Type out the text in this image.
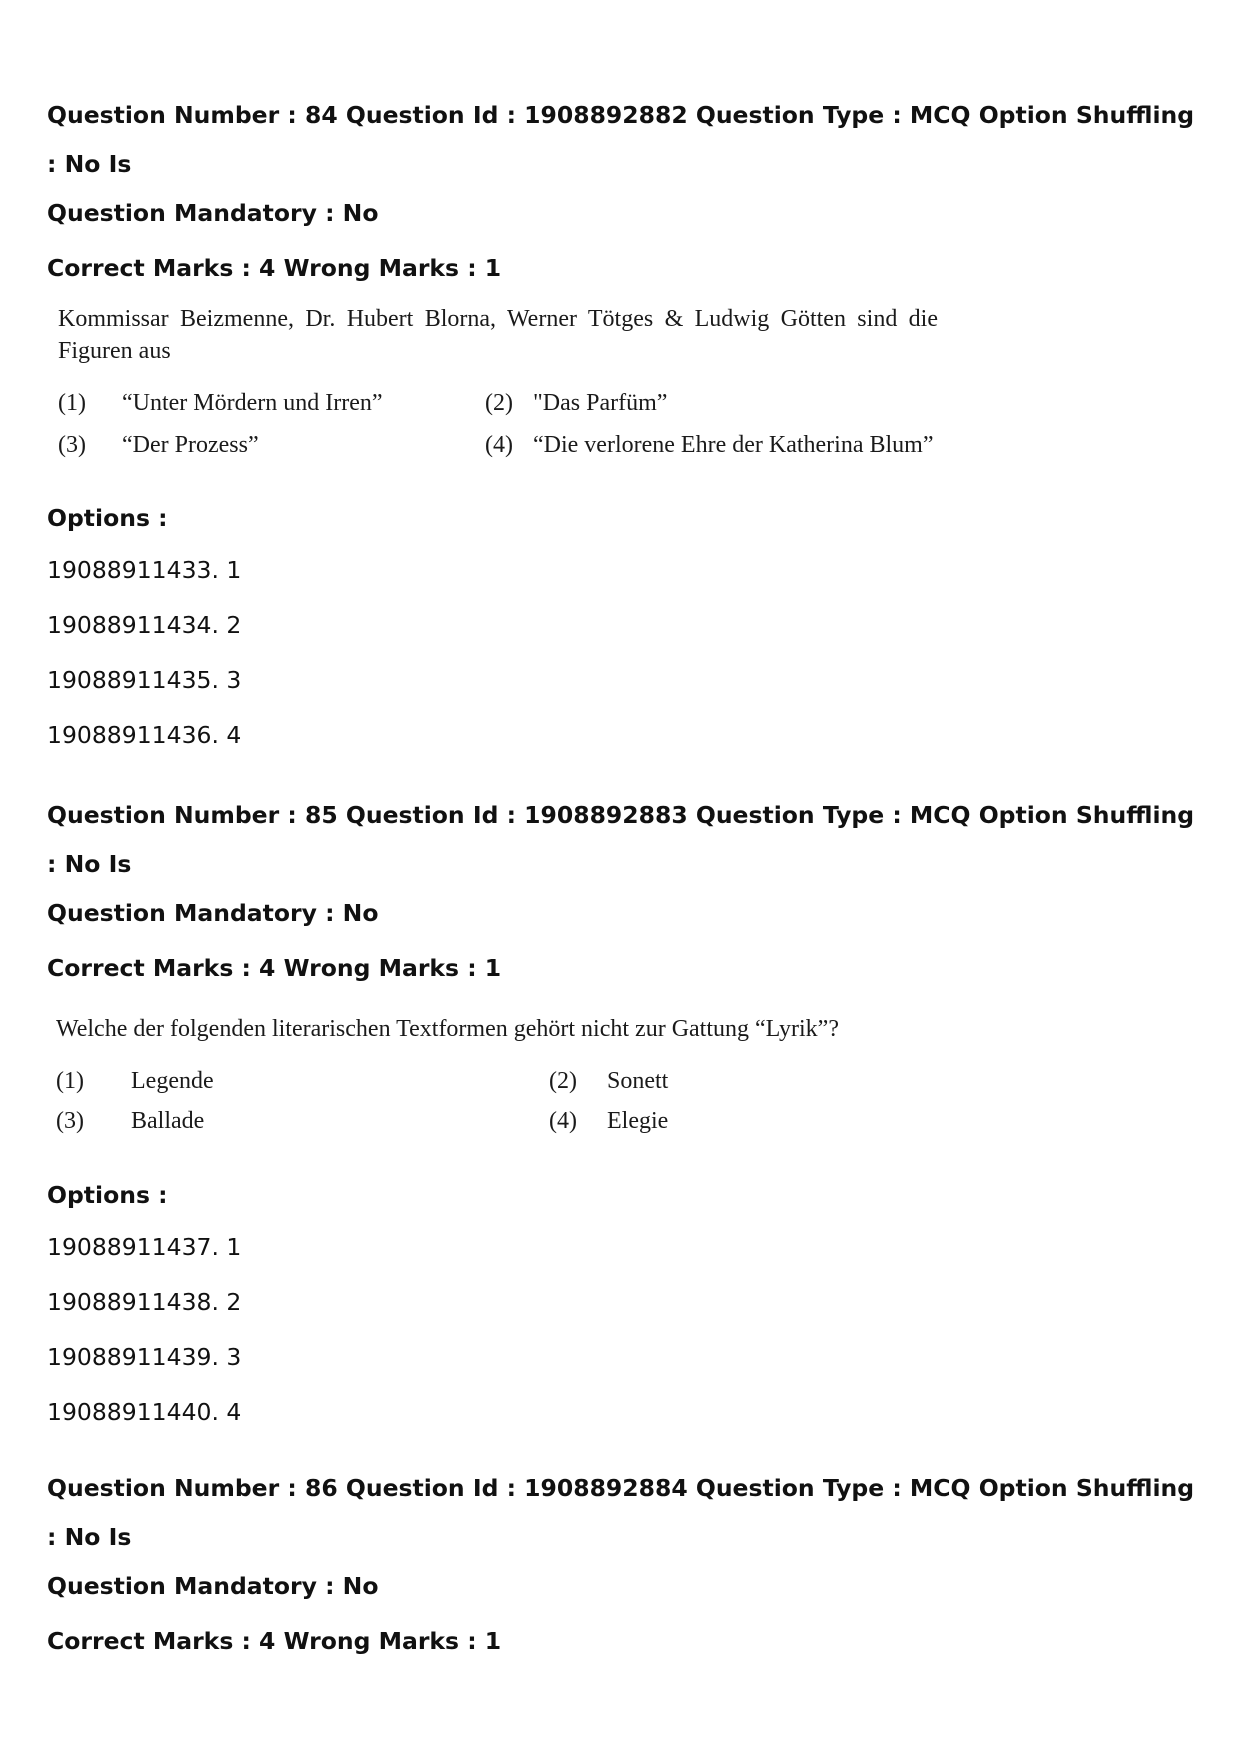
Question Number : 84 Question Id : 1908892882 Question Type : MCQ Option Shuffling : No Is

Question Mandatory : No

Correct Marks : 4 Wrong Marks : 1

Kommissar Beizmenne, Dr. Hubert Blorna, Werner Tötges & Ludwig Götten sind die Figuren aus
(1) “Unter Mördern und Irren”	(2) "Das Parfüm”
(3) “Der Prozess”	(4) “Die verlorene Ehre der Katherina Blum”
Options :
19088911433. 1
19088911434. 2
19088911435. 3
19088911436. 4

Question Number : 85 Question Id : 1908892883 Question Type : MCQ Option Shuffling : No Is

Question Mandatory : No

Correct Marks : 4 Wrong Marks : 1

Welche der folgenden literarischen Textformen gehört nicht zur Gattung “Lyrik”?
(1) Legende	(2) Sonett
(3) Ballade	(4) Elegie
Options :
19088911437. 1
19088911438. 2
19088911439. 3
19088911440. 4

Question Number : 86 Question Id : 1908892884 Question Type : MCQ Option Shuffling : No Is

Question Mandatory : No

Correct Marks : 4 Wrong Marks : 1
